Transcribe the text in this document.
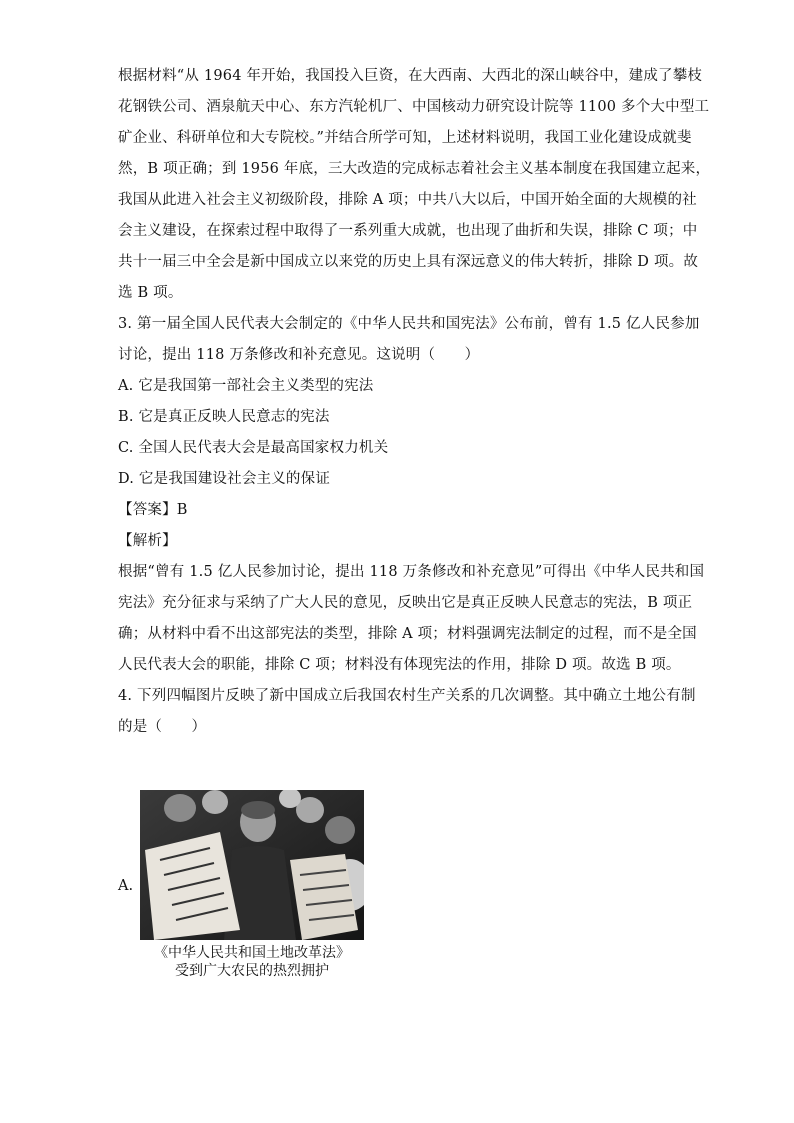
根据材料“从 1964 年开始，我国投入巨资，在大西南、大西北的深山峡谷中，建成了攀枝
花钢铁公司、酒泉航天中心、东方汽轮机厂、中国核动力研究设计院等 1100 多个大中型工
矿企业、科研单位和大专院校。”并结合所学可知，上述材料说明，我国工业化建设成就斐
然，B 项正确；到 1956 年底，三大改造的完成标志着社会主义基本制度在我国建立起来，
我国从此进入社会主义初级阶段，排除 A 项；中共八大以后，中国开始全面的大规模的社
会主义建设，在探索过程中取得了一系列重大成就，也出现了曲折和失误，排除 C 项；中
共十一届三中全会是新中国成立以来党的历史上具有深远意义的伟大转折，排除 D 项。故
选 B 项。
3. 第一届全国人民代表大会制定的《中华人民共和国宪法》公布前，曾有 1.5 亿人民参加
讨论，提出 118 万条修改和补充意见。这说明（　　）
A. 它是我国第一部社会主义类型的宪法
B. 它是真正反映人民意志的宪法
C. 全国人民代表大会是最高国家权力机关
D. 它是我国建设社会主义的保证
【答案】B
【解析】
根据“曾有 1.5 亿人民参加讨论，提出 118 万条修改和补充意见”可得出《中华人民共和国
宪法》充分征求与采纳了广大人民的意见，反映出它是真正反映人民意志的宪法，B 项正
确；从材料中看不出这部宪法的类型，排除 A 项；材料强调宪法制定的过程，而不是全国
人民代表大会的职能，排除 C 项；材料没有体现宪法的作用，排除 D 项。故选 B 项。
4. 下列四幅图片反映了新中国成立后我国农村生产关系的几次调整。其中确立土地公有制
的是（　　）
A.
《中华人民共和国土地改革法》
受到广大农民的热烈拥护
